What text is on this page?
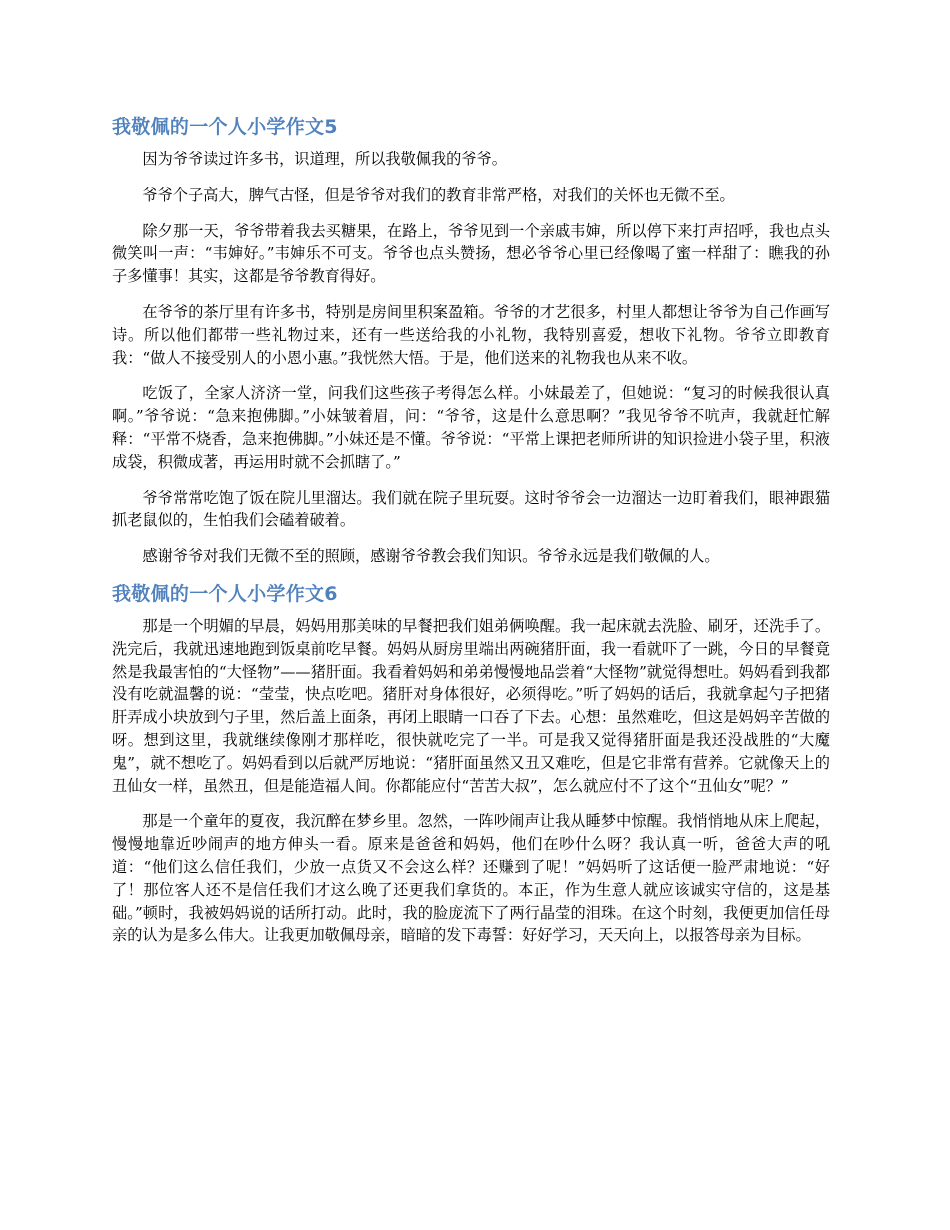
我敬佩的一个人小学作文5

因为爷爷读过许多书，识道理，所以我敬佩我的爷爷。

爷爷个子高大，脾气古怪，但是爷爷对我们的教育非常严格，对我们的关怀也无微不至。

除夕那一天，爷爷带着我去买糖果，在路上，爷爷见到一个亲戚韦婶，所以停下来打声招呼，我也点头微笑叫一声：“韦婶好。”韦婶乐不可支。爷爷也点头赞扬，想必爷爷心里已经像喝了蜜一样甜了：瞧我的孙子多懂事！其实，这都是爷爷教育得好。

在爷爷的茶厅里有许多书，特别是房间里积案盈箱。爷爷的才艺很多，村里人都想让爷爷为自己作画写诗。所以他们都带一些礼物过来，还有一些送给我的小礼物，我特别喜爱，想收下礼物。爷爷立即教育我：“做人不接受别人的小恩小惠。”我恍然大悟。于是，他们送来的礼物我也从来不收。

吃饭了，全家人济济一堂，问我们这些孩子考得怎么样。小妹最差了，但她说：“复习的时候我很认真啊。”爷爷说：“急来抱佛脚。”小妹皱着眉，问：“爷爷，这是什么意思啊？”我见爷爷不吭声，我就赶忙解释：“平常不烧香，急来抱佛脚。”小妹还是不懂。爷爷说：“平常上课把老师所讲的知识捡进小袋子里，积液成袋，积微成著，再运用时就不会抓瞎了。”

爷爷常常吃饱了饭在院儿里溜达。我们就在院子里玩耍。这时爷爷会一边溜达一边盯着我们，眼神跟猫抓老鼠似的，生怕我们会磕着破着。

感谢爷爷对我们无微不至的照顾，感谢爷爷教会我们知识。爷爷永远是我们敬佩的人。

我敬佩的一个人小学作文6

那是一个明媚的早晨，妈妈用那美味的早餐把我们姐弟俩唤醒。我一起床就去洗脸、刷牙，还洗手了。洗完后，我就迅速地跑到饭桌前吃早餐。妈妈从厨房里端出两碗猪肝面，我一看就吓了一跳，今日的早餐竟然是我最害怕的“大怪物”——猪肝面。我看着妈妈和弟弟慢慢地品尝着“大怪物”就觉得想吐。妈妈看到我都没有吃就温馨的说：“莹莹，快点吃吧。猪肝对身体很好，必须得吃。”听了妈妈的话后，我就拿起勺子把猪肝弄成小块放到勺子里，然后盖上面条，再闭上眼睛一口吞了下去。心想：虽然难吃，但这是妈妈辛苦做的呀。想到这里，我就继续像刚才那样吃，很快就吃完了一半。可是我又觉得猪肝面是我还没战胜的“大魔鬼”，就不想吃了。妈妈看到以后就严厉地说：“猪肝面虽然又丑又难吃，但是它非常有营养。它就像天上的丑仙女一样，虽然丑，但是能造福人间。你都能应付“苦苦大叔”，怎么就应付不了这个“丑仙女”呢？”

那是一个童年的夏夜，我沉醉在梦乡里。忽然，一阵吵闹声让我从睡梦中惊醒。我悄悄地从床上爬起，慢慢地靠近吵闹声的地方伸头一看。原来是爸爸和妈妈，他们在吵什么呀？我认真一听，爸爸大声的吼道：“他们这么信任我们，少放一点货又不会这么样？还赚到了呢！”妈妈听了这话便一脸严肃地说：“好了！那位客人还不是信任我们才这么晚了还更我们拿货的。本正，作为生意人就应该诚实守信的，这是基础。”顿时，我被妈妈说的话所打动。此时，我的脸庞流下了两行晶莹的泪珠。在这个时刻，我便更加信任母亲的认为是多么伟大。让我更加敬佩母亲，暗暗的发下毒誓：好好学习，天天向上，以报答母亲为目标。
